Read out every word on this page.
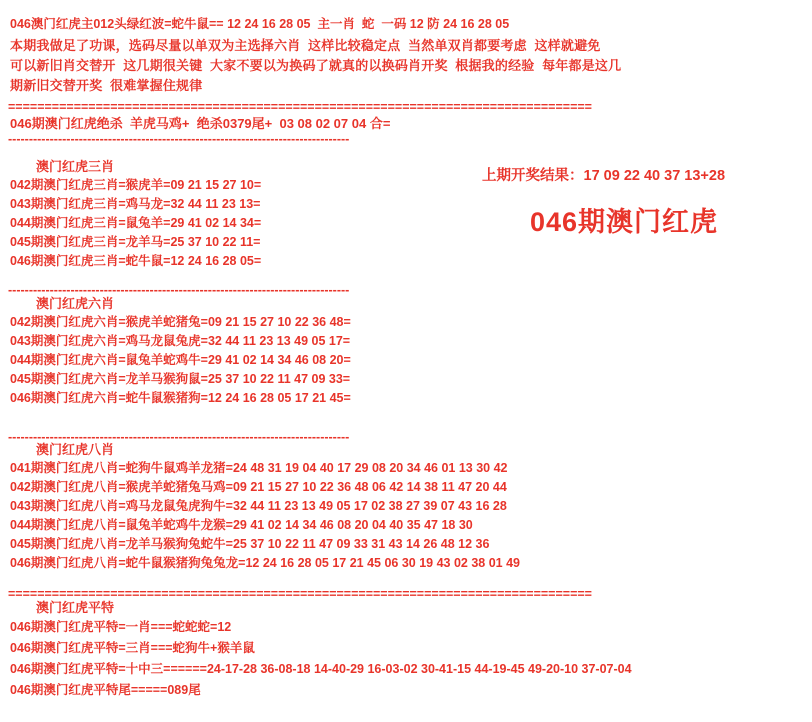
046澳门红虎主012头绿红波=蛇牛鼠== 12 24 16 28 05  主一肖  蛇  一码 12 防 24 16 28 05
本期我做足了功课，选码尽量以单双为主选择六肖  这样比较稳定点  当然单双肖都要考虑  这样就避免
可以新旧肖交替开  这几期很关键  大家不要以为换码了就真的以换码肖开奖  根据我的经验  每年都是这几
期新旧交替开奖  很难掌握住规律
================================================================================
046期澳门红虎绝杀  羊虎马鸡+  绝杀0379尾+  03 08 02 07 04 合=
----------------------------------------------------------------------------------
上期开奖结果：17 09 22 40 37 13+28
046期澳门红虎
澳门红虎三肖
042期澳门红虎三肖=猴虎羊=09 21 15 27 10=
043期澳门红虎三肖=鸡马龙=32 44 11 23 13=
044期澳门红虎三肖=鼠兔羊=29 41 02 14 34=
045期澳门红虎三肖=龙羊马=25 37 10 22 11=
046期澳门红虎三肖=蛇牛鼠=12 24 16 28 05=
----------------------------------------------------------------------------------
澳门红虎六肖
042期澳门红虎六肖=猴虎羊蛇猪兔=09 21 15 27 10 22 36 48=
043期澳门红虎六肖=鸡马龙鼠兔虎=32 44 11 23 13 49 05 17=
044期澳门红虎六肖=鼠兔羊蛇鸡牛=29 41 02 14 34 46 08 20=
045期澳门红虎六肖=龙羊马猴狗鼠=25 37 10 22 11 47 09 33=
046期澳门红虎六肖=蛇牛鼠猴猪狗=12 24 16 28 05 17 21 45=
----------------------------------------------------------------------------------
澳门红虎八肖
041期澳门红虎八肖=蛇狗牛鼠鸡羊龙猪=24 48 31 19 04 40 17 29 08 20 34 46 01 13 30 42
042期澳门红虎八肖=猴虎羊蛇猪兔马鸡=09 21 15 27 10 22 36 48 06 42 14 38 11 47 20 44
043期澳门红虎八肖=鸡马龙鼠兔虎狗牛=32 44 11 23 13 49 05 17 02 38 27 39 07 43 16 28
044期澳门红虎八肖=鼠兔羊蛇鸡牛龙猴=29 41 02 14 34 46 08 20 04 40 35 47 18 30
045期澳门红虎八肖=龙羊马猴狗兔蛇牛=25 37 10 22 11 47 09 33 31 43 14 26 48 12 36
046期澳门红虎八肖=蛇牛鼠猴猪狗兔兔龙=12 24 16 28 05 17 21 45 06 30 19 43 02 38 01 49
================================================================================
澳门红虎平特
046期澳门红虎平特=一肖===蛇蛇蛇=12
046期澳门红虎平特=三肖===蛇狗牛+猴羊鼠
046期澳门红虎平特=十中三======24-17-28 36-08-18 14-40-29 16-03-02 30-41-15 44-19-45 49-20-10 37-07-04
046期澳门红虎平特尾=====089尾
